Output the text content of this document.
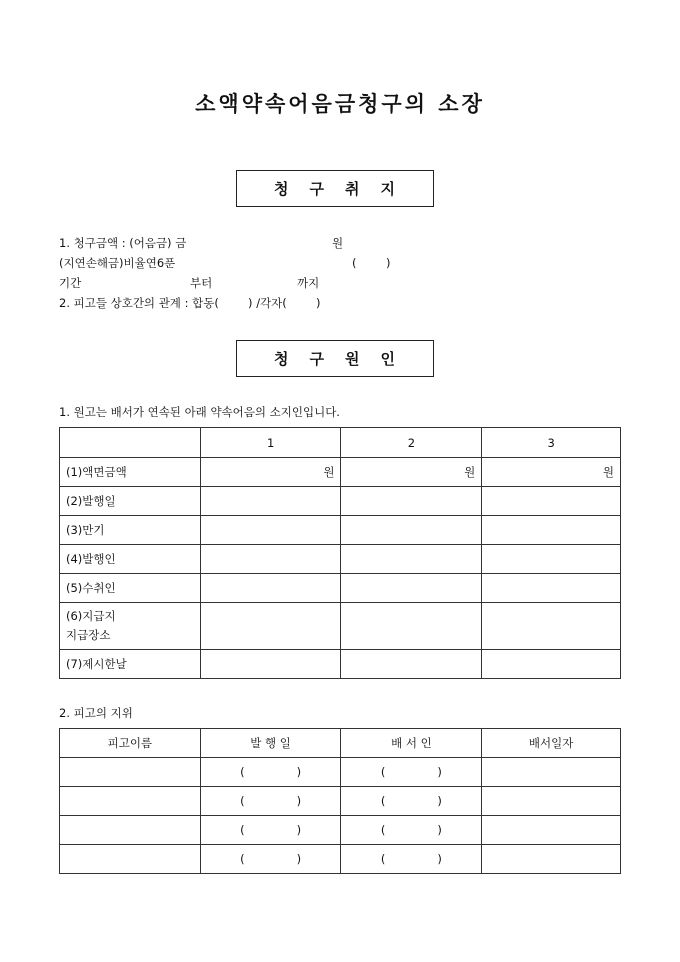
소액약속어음금청구의 소장
청 구 취 지
1. 청구금액 : (어음금) 금	원
(지연손해금)비율연6푼	(	)
기간	부터	까지
2. 피고들 상호간의 관계 : 합동(        ) /각자(        )
청 구 원 인
1. 원고는 배서가 연속된 아래 약속어음의 소지인입니다.
	1	2	3
(1)액면금액	원	원	원
(2)발행일			
(3)만기			
(4)발행인			
(5)수취인			

(6)지급지
지급장소			

(7)제시한날			
2. 피고의 지위
피고이름	발 행 일	배 서 인	배서일자

	( )	( )	

	( )	( )	

	( )	( )	

	( )	( )	
